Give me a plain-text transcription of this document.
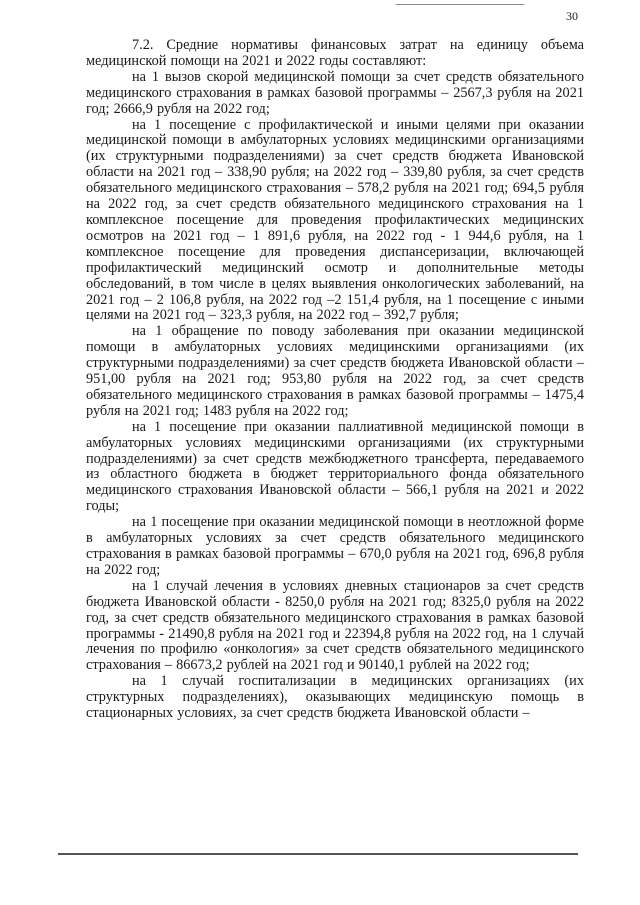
30

7.2. Средние нормативы финансовых затрат на единицу объема медицинской помощи на 2021 и 2022 годы составляют:

на 1 вызов скорой медицинской помощи за счет средств обязательного медицинского страхования в рамках базовой программы – 2567,3 рубля на 2021 год; 2666,9 рубля на 2022 год;

на 1 посещение с профилактической и иными целями при оказании медицинской помощи в амбулаторных условиях медицинскими организациями (их структурными подразделениями) за счет средств бюджета Ивановской области на 2021 год – 338,90 рубля; на 2022 год – 339,80 рубля, за счет средств обязательного медицинского страхования – 578,2 рубля на 2021 год; 694,5 рубля на 2022 год, за счет средств обязательного медицинского страхования на 1 комплексное посещение для проведения профилактических медицинских осмотров на 2021 год – 1 891,6 рубля, на 2022 год - 1 944,6 рубля, на 1 комплексное посещение для проведения диспансеризации, включающей профилактический медицинский осмотр и дополнительные методы обследований, в том числе в целях выявления онкологических заболеваний, на 2021 год – 2 106,8 рубля, на 2022 год –2 151,4 рубля, на 1 посещение с иными целями на 2021 год – 323,3 рубля, на 2022 год – 392,7 рубля;

на 1 обращение по поводу заболевания при оказании медицинской помощи в амбулаторных условиях медицинскими организациями (их структурными подразделениями) за счет средств бюджета Ивановской области – 951,00 рубля на 2021 год; 953,80 рубля на 2022 год, за счет средств обязательного медицинского страхования в рамках базовой программы – 1475,4 рубля на 2021 год; 1483 рубля на 2022 год;

на 1 посещение при оказании паллиативной медицинской помощи в амбулаторных условиях медицинскими организациями (их структурными подразделениями) за счет средств межбюджетного трансферта, передаваемого из областного бюджета в бюджет территориального фонда обязательного медицинского страхования Ивановской области – 566,1 рубля на 2021 и 2022 годы;

на 1 посещение при оказании медицинской помощи в неотложной форме в амбулаторных условиях за счет средств обязательного медицинского страхования в рамках базовой программы – 670,0 рубля на 2021 год, 696,8 рубля на 2022 год;

на 1 случай лечения в условиях дневных стационаров за счет средств бюджета Ивановской области - 8250,0 рубля на 2021 год; 8325,0 рубля на 2022 год, за счет средств обязательного медицинского страхования в рамках базовой программы - 21490,8 рубля на 2021 год и 22394,8 рубля на 2022 год, на 1 случай лечения по профилю «онкология» за счет средств обязательного медицинского страхования – 86673,2 рублей на 2021 год и 90140,1 рублей на 2022 год;

на 1 случай госпитализации в медицинских организациях (их структурных подразделениях), оказывающих медицинскую помощь в стационарных условиях, за счет средств бюджета Ивановской области –
